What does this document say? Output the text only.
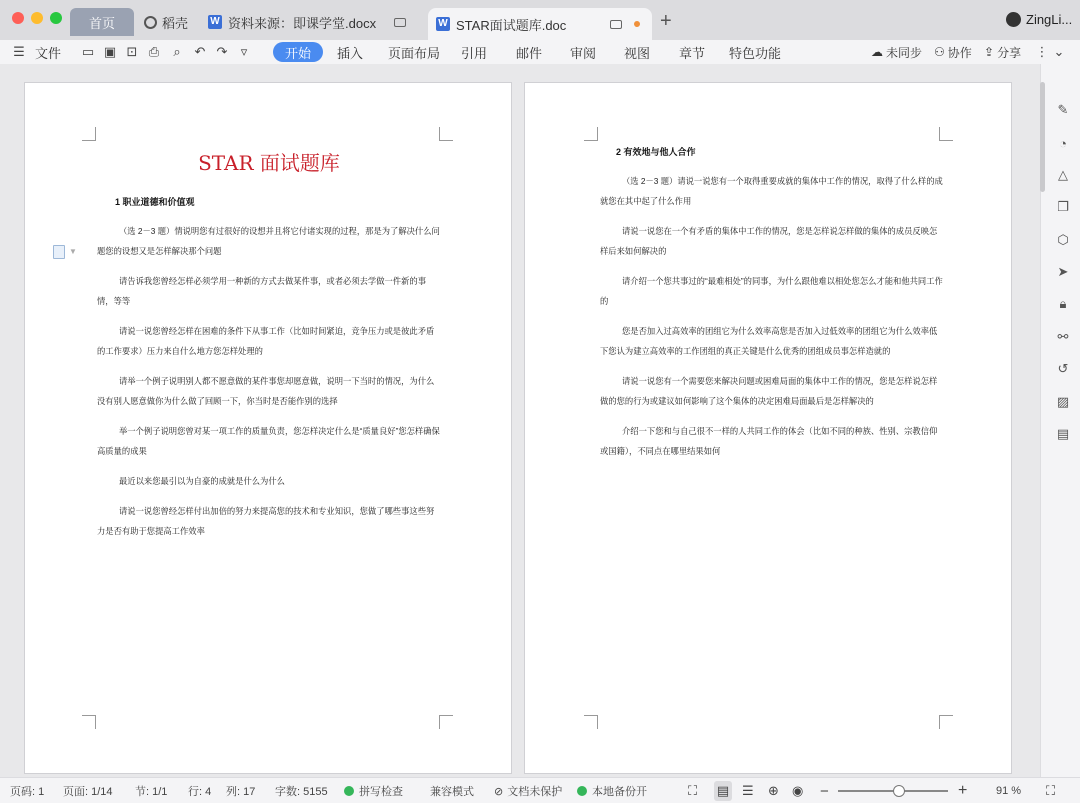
首页	稻壳 W 资料来源：即课学堂.docx	W STAR面试题库.doc	+	ZingLi...
☰ 文件 ▭ ▣ ⊡ ⎙	⌕	↶ ↷	▿	开始	插入 页面布局 引用 邮件 审阅 视图 章节 特色功能	☁ 未同步 ⚇ 协作 ⇪ 分享 ⋮ ⌄
▼
STAR 面试题库
1 职业道德和价值观
（选 2－3 题）情说明您有过很好的设想并且将它付诸实现的过程，那是为了解决什么问题您的设想又是怎样解决那个问题
请告诉我您曾经怎样必须学用一种新的方式去做某件事，或者必须去学做一件新的事情，等等
请说一说您曾经怎样在困难的条件下从事工作（比如时间紧迫，竞争压力或是彼此矛盾的工作要求）压力来自什么地方您怎样处理的
请举一个例子说明别人都不愿意做的某件事您却愿意做，说明一下当时的情况，为什么没有别人愿意做你为什么做了回顾一下，你当时是否能作别的选择
举一个例子说明您曾对某一项工作的质量负责，您怎样决定什么是“质量良好”您怎样确保高质量的成果
最近以来您最引以为自豪的成就是什么为什么
请说一说您曾经怎样付出加倍的努力来提高您的技术和专业知识，您做了哪些事这些努力是否有助于您提高工作效率
2 有效地与他人合作
（选 2－3 题）请说一说您有一个取得重要成就的集体中工作的情况，取得了什么样的成就您在其中起了什么作用
请说一说您在一个有矛盾的集体中工作的情况，您是怎样说怎样做的集体的成员反映怎样后来如何解决的
请介绍一个您共事过的“最难相处”的同事，为什么跟他难以相处您怎么才能和他共同工作的
您是否加入过高效率的团组它为什么效率高您是否加入过低效率的团组它为什么效率低下您认为建立高效率的工作团组的真正关键是什么优秀的团组成员事怎样造就的
请说一说您有一个需要您来解决问题或困难局面的集体中工作的情况，您是怎样说怎样做的您的行为或建议如何影响了这个集体的决定困难局面最后是怎样解决的
介绍一下您和与自己很不一样的人共同工作的体会（比如不同的种族、性别、宗教信仰或国籍），不同点在哪里结果如何
✎
◔
△
❐
⬡
➤
🔒︎
⚯
↺
▨
▤
页码: 1 页面: 1/14 节: 1/1 行: 4 列: 17 字数: 5155	拼写检查 兼容模式 ⊘ 文档未保护	本地备份开	⛶ ▤ ☰ ⊕ ◉ −	+	91 % ⛶
